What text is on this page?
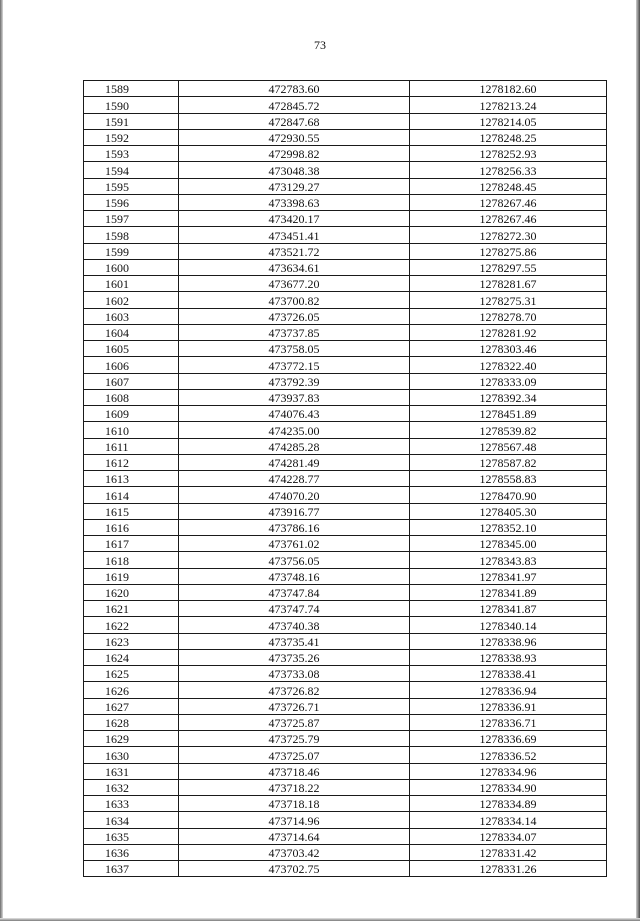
73
1589	472783.60	1278182.60
1590	472845.72	1278213.24
1591	472847.68	1278214.05
1592	472930.55	1278248.25
1593	472998.82	1278252.93
1594	473048.38	1278256.33
1595	473129.27	1278248.45
1596	473398.63	1278267.46
1597	473420.17	1278267.46
1598	473451.41	1278272.30
1599	473521.72	1278275.86
1600	473634.61	1278297.55
1601	473677.20	1278281.67
1602	473700.82	1278275.31
1603	473726.05	1278278.70
1604	473737.85	1278281.92
1605	473758.05	1278303.46
1606	473772.15	1278322.40
1607	473792.39	1278333.09
1608	473937.83	1278392.34
1609	474076.43	1278451.89
1610	474235.00	1278539.82
1611	474285.28	1278567.48
1612	474281.49	1278587.82
1613	474228.77	1278558.83
1614	474070.20	1278470.90
1615	473916.77	1278405.30
1616	473786.16	1278352.10
1617	473761.02	1278345.00
1618	473756.05	1278343.83
1619	473748.16	1278341.97
1620	473747.84	1278341.89
1621	473747.74	1278341.87
1622	473740.38	1278340.14
1623	473735.41	1278338.96
1624	473735.26	1278338.93
1625	473733.08	1278338.41
1626	473726.82	1278336.94
1627	473726.71	1278336.91
1628	473725.87	1278336.71
1629	473725.79	1278336.69
1630	473725.07	1278336.52
1631	473718.46	1278334.96
1632	473718.22	1278334.90
1633	473718.18	1278334.89
1634	473714.96	1278334.14
1635	473714.64	1278334.07
1636	473703.42	1278331.42
1637	473702.75	1278331.26
